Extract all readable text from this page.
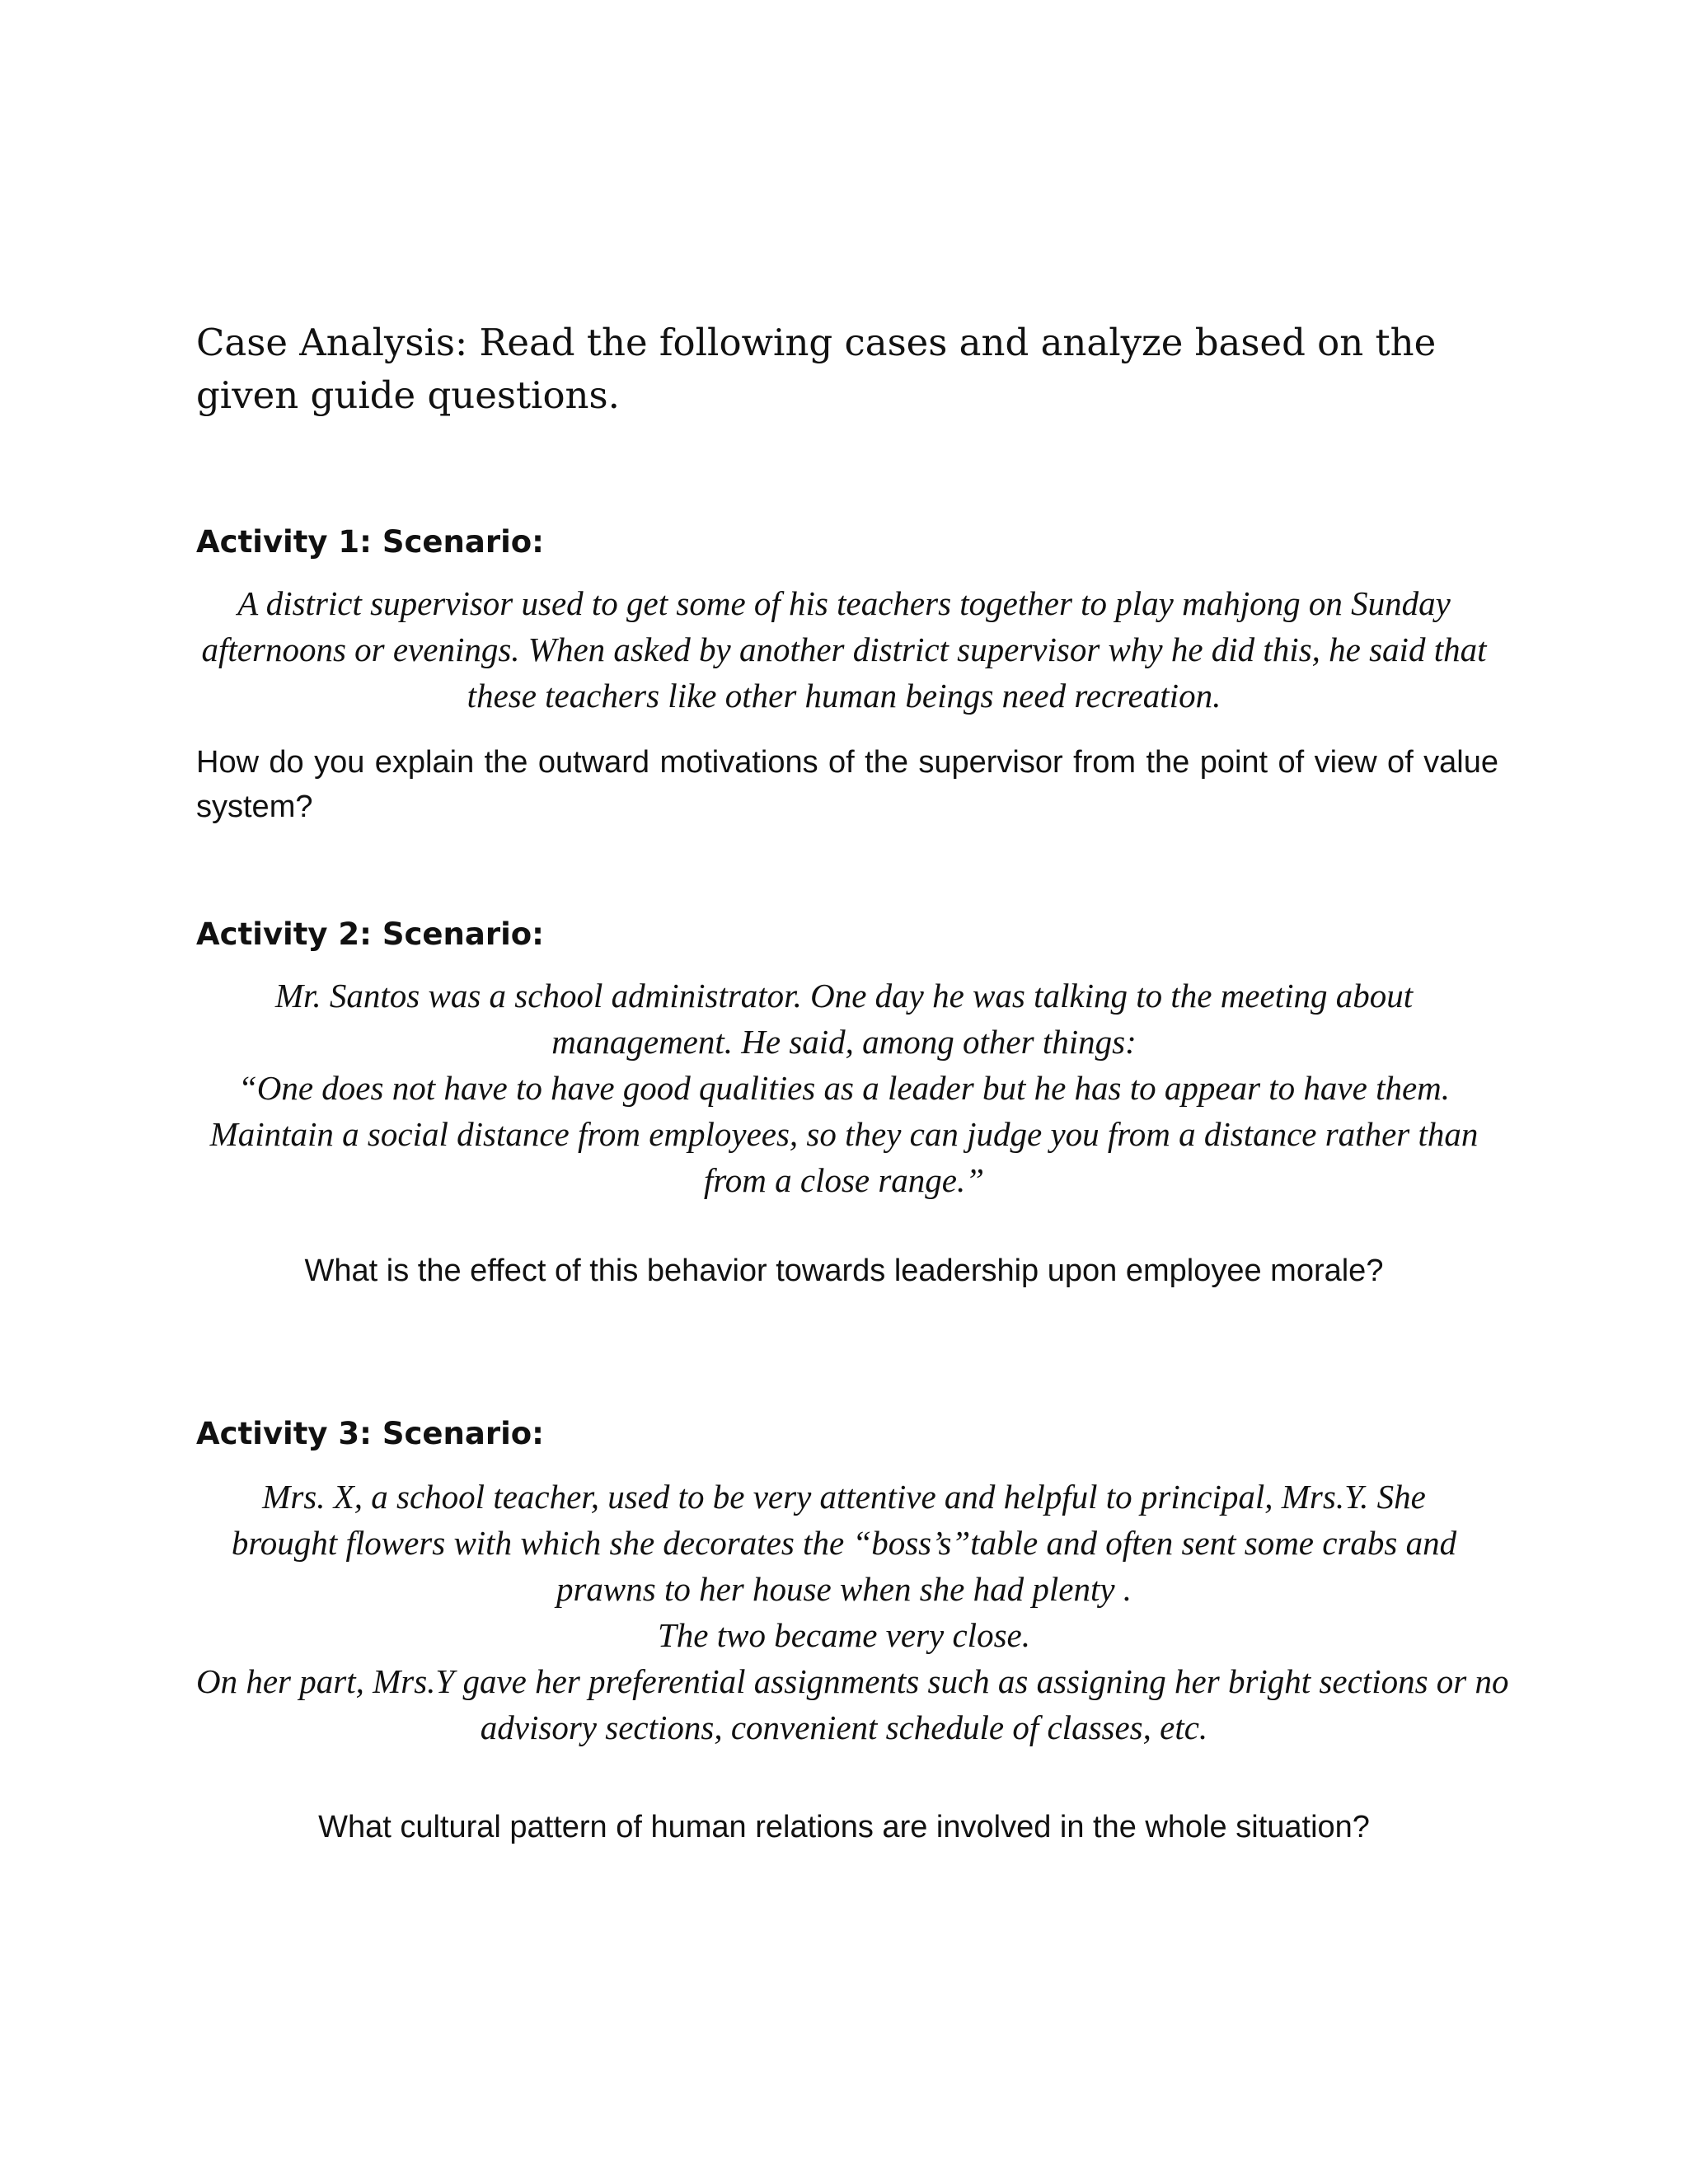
Case Analysis: Read the following cases and analyze based on the given guide questions.
Activity 1: Scenario:
A district supervisor used to get some of his teachers together to play mahjong on Sunday
afternoons or evenings. When asked by another district supervisor why he did this, he said that
these teachers like other human beings need recreation.
How do you explain the outward motivations of the supervisor from the point of view of value system?
Activity 2: Scenario:
Mr. Santos was a school administrator. One day he was talking to the meeting about
management. He said, among other things:
“One does not have to have good qualities as a leader but he has to appear to have them.
Maintain a social distance from employees, so they can judge you from a distance rather than
from a close range.”
What is the effect of this behavior towards leadership upon employee morale?
Activity 3: Scenario:
Mrs. X, a school teacher, used to be very attentive and helpful to principal, Mrs.Y. She
brought flowers with which she decorates the “boss’s”table and often sent some crabs and
prawns to her house when she had plenty .
The two became very close.
On her part, Mrs.Y gave her preferential assignments such as assigning her bright sections or no
advisory sections, convenient schedule of classes, etc.
What cultural pattern of human relations are involved in the whole situation?
